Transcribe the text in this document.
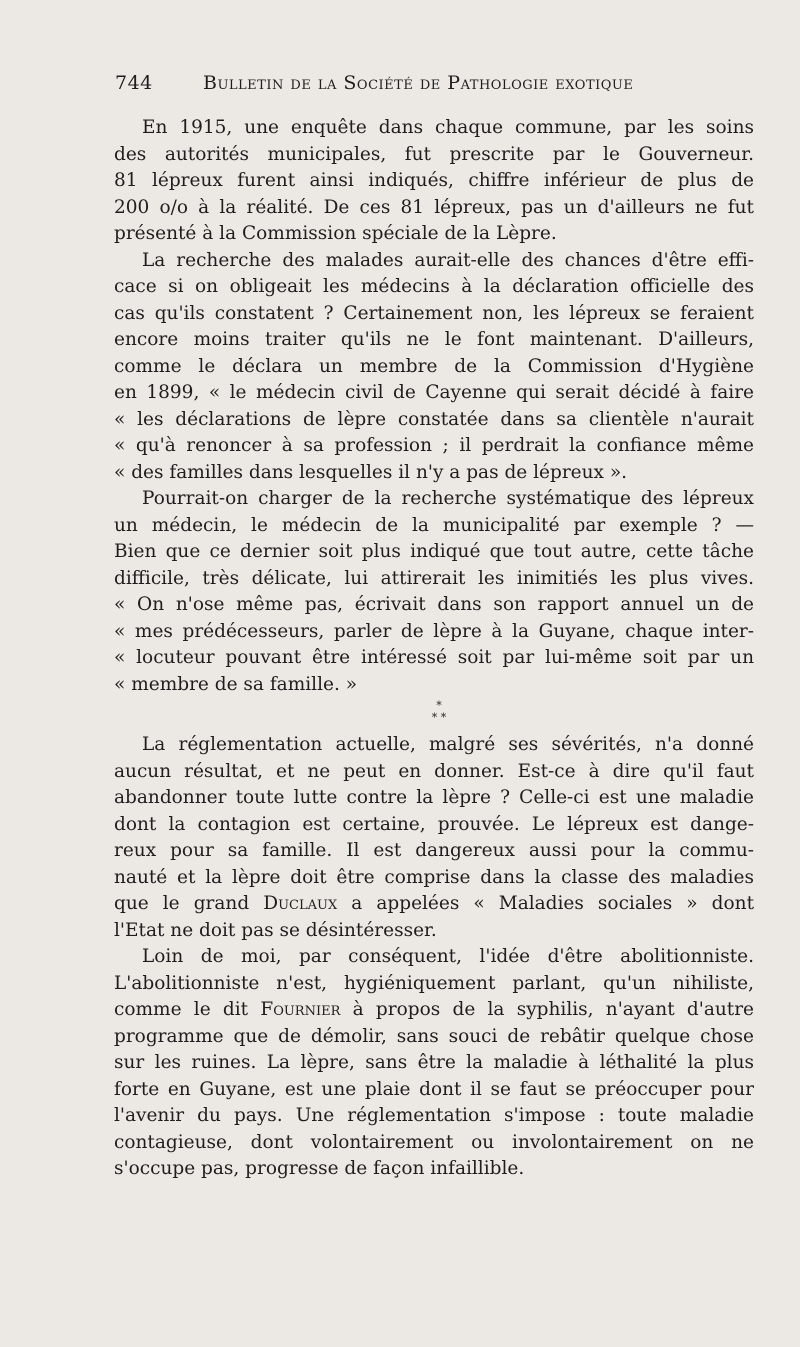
744	Bulletin de la Société de Pathologie exotique
En 1915, une enquête dans chaque commune, par les soins
des autorités municipales, fut prescrite par le Gouverneur.
81 lépreux furent ainsi indiqués, chiffre inférieur de plus de
200 o/o à la réalité. De ces 81 lépreux, pas un d'ailleurs ne fut
présenté à la Commission spéciale de la Lèpre.
La recherche des malades aurait-elle des chances d'être effi-
cace si on obligeait les médecins à la déclaration officielle des
cas qu'ils constatent ? Certainement non, les lépreux se feraient
encore moins traiter qu'ils ne le font maintenant. D'ailleurs,
comme le déclara un membre de la Commission d'Hygiène
en 1899, « le médecin civil de Cayenne qui serait décidé à faire
« les déclarations de lèpre constatée dans sa clientèle n'aurait
« qu'à renoncer à sa profession ; il perdrait la confiance même
« des familles dans lesquelles il n'y a pas de lépreux ».
Pourrait-on charger de la recherche systématique des lépreux
un médecin, le médecin de la municipalité par exemple ? —
Bien que ce dernier soit plus indiqué que tout autre, cette tâche
difficile, très délicate, lui attirerait les inimitiés les plus vives.
« On n'ose même pas, écrivait dans son rapport annuel un de
« mes prédécesseurs, parler de lèpre à la Guyane, chaque inter-
« locuteur pouvant être intéressé soit par lui-même soit par un
« membre de sa famille. »
*
* *
La réglementation actuelle, malgré ses sévérités, n'a donné
aucun résultat, et ne peut en donner. Est-ce à dire qu'il faut
abandonner toute lutte contre la lèpre ? Celle-ci est une maladie
dont la contagion est certaine, prouvée. Le lépreux est dange-
reux pour sa famille. Il est dangereux aussi pour la commu-
nauté et la lèpre doit être comprise dans la classe des maladies
que le grand Duclaux a appelées « Maladies sociales » dont
l'Etat ne doit pas se désintéresser.
Loin de moi, par conséquent, l'idée d'être abolitionniste.
L'abolitionniste n'est, hygiéniquement parlant, qu'un nihiliste,
comme le dit Fournier à propos de la syphilis, n'ayant d'autre
programme que de démolir, sans souci de rebâtir quelque chose
sur les ruines. La lèpre, sans être la maladie à léthalité la plus
forte en Guyane, est une plaie dont il se faut se préoccuper pour
l'avenir du pays. Une réglementation s'impose : toute maladie
contagieuse, dont volontairement ou involontairement on ne
s'occupe pas, progresse de façon infaillible.
